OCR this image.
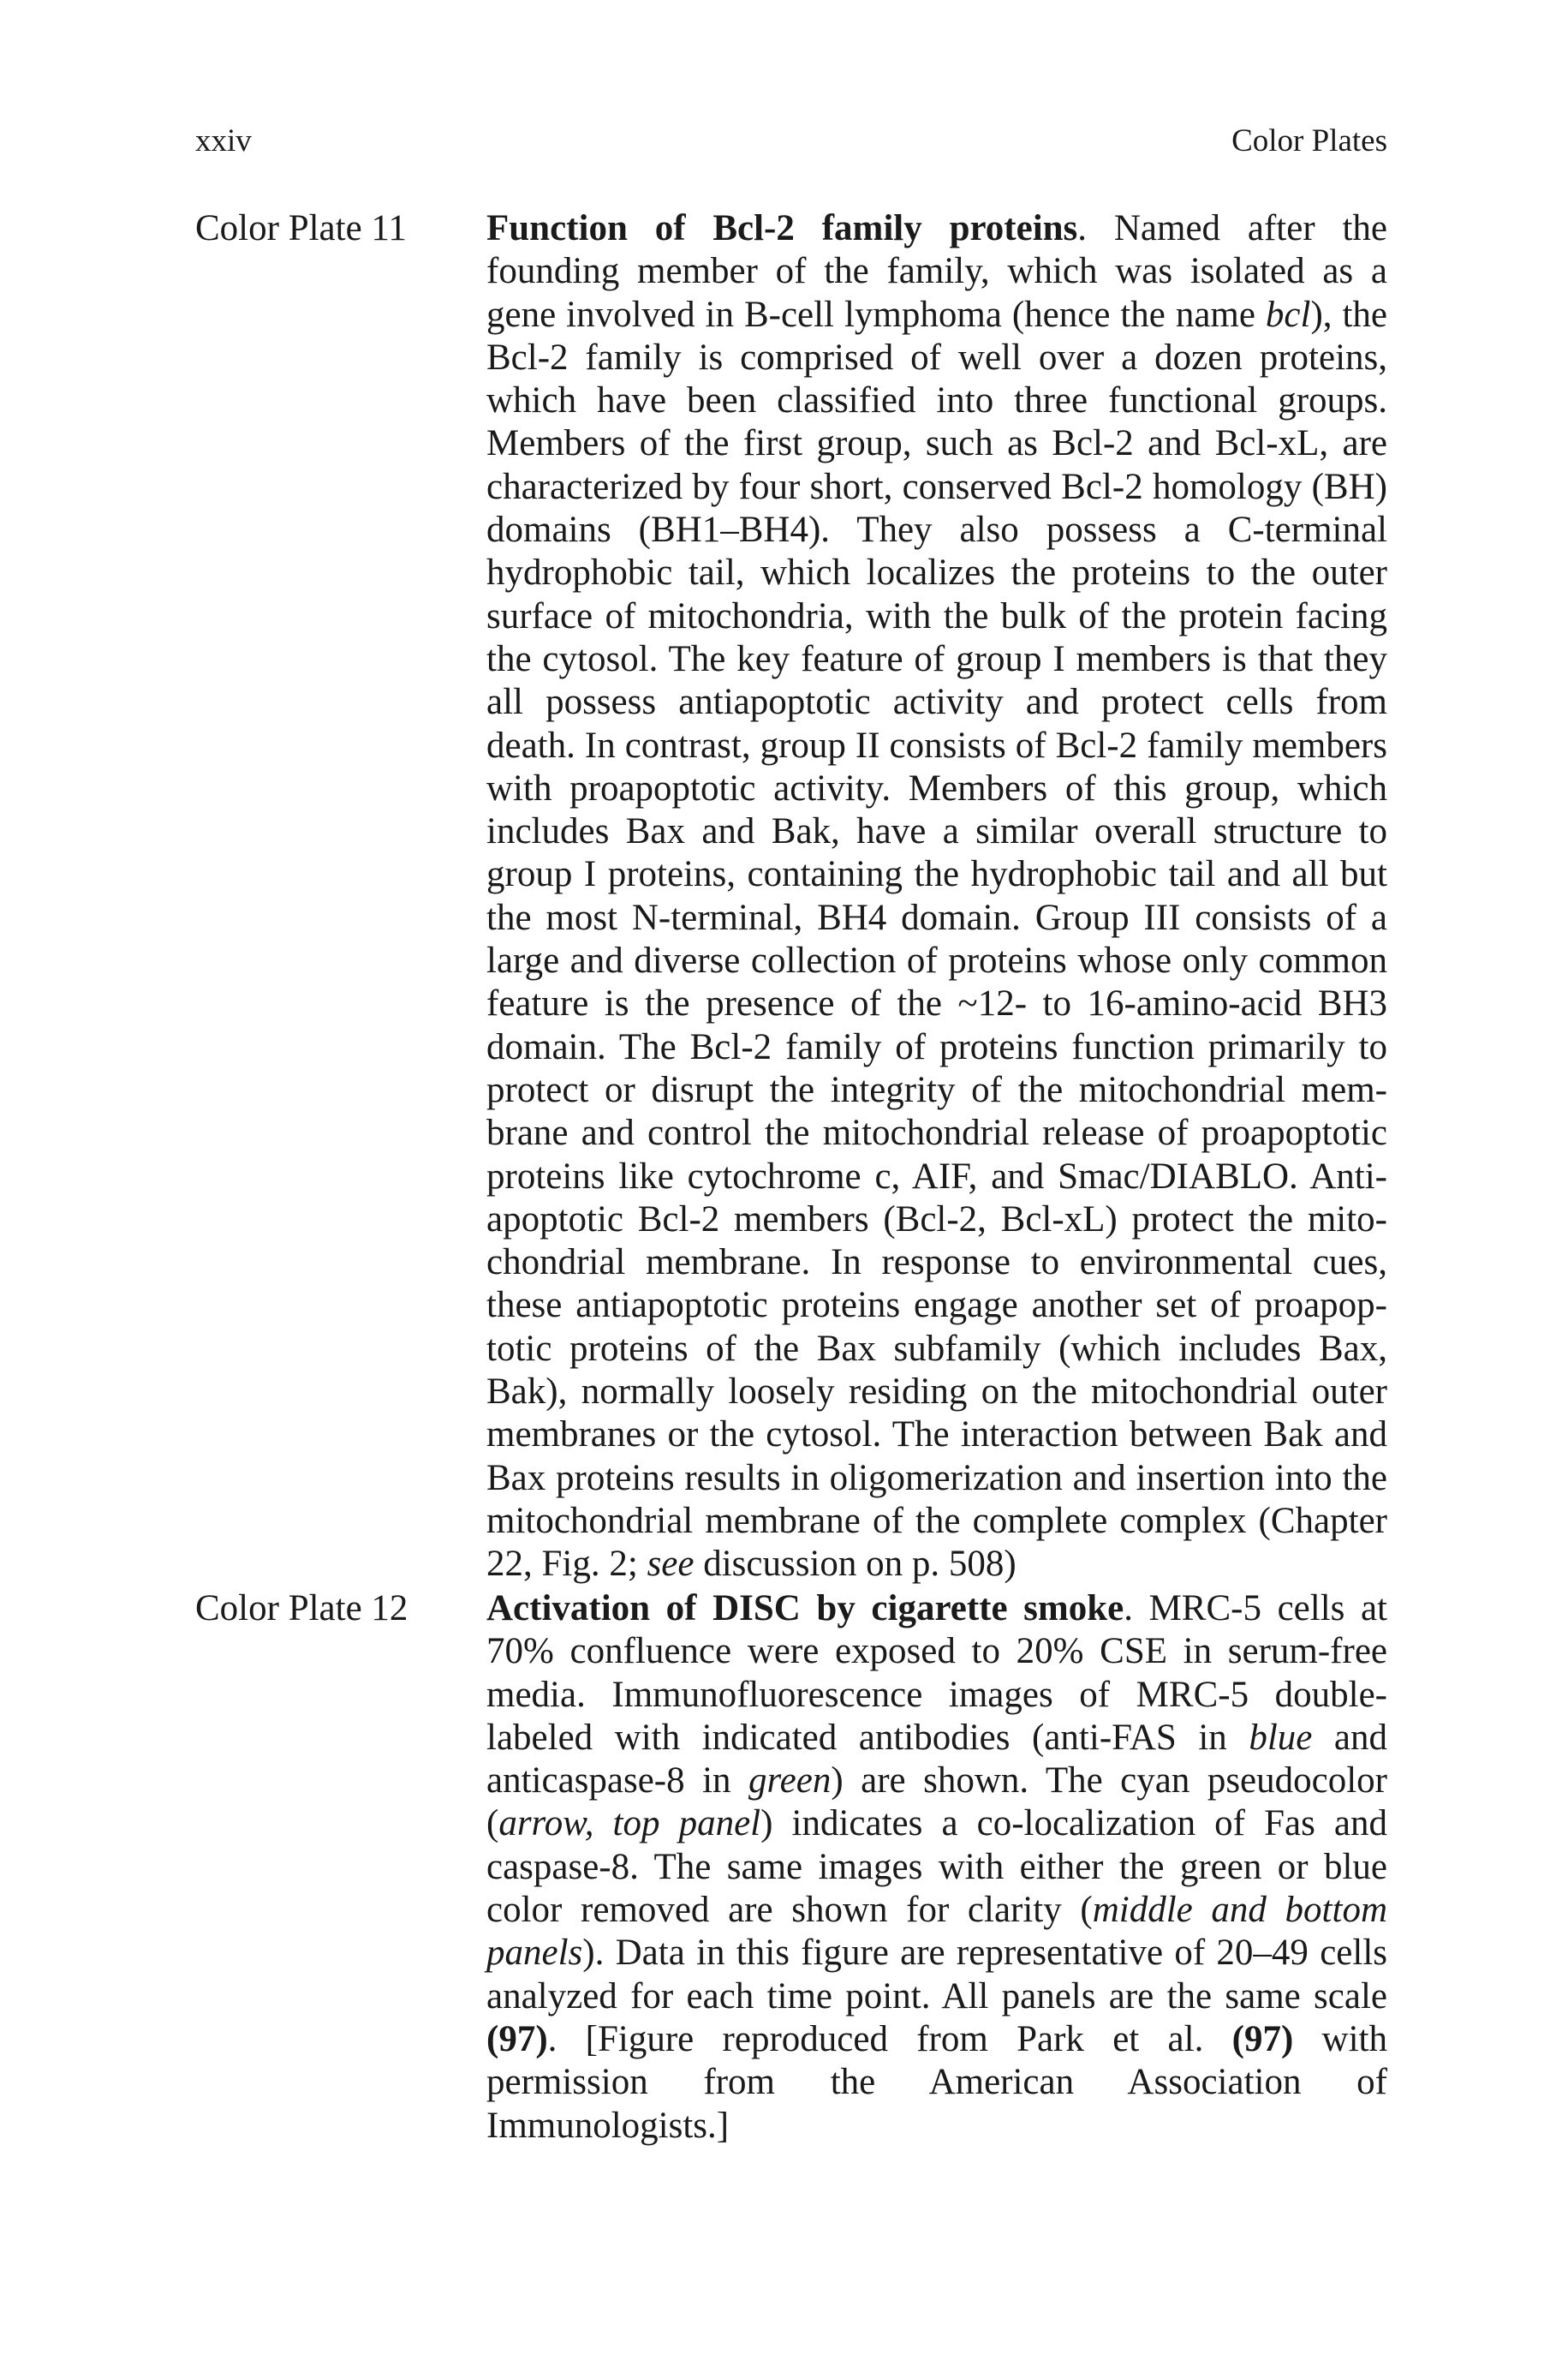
xxiv	Color Plates
Color Plate 11 Function of Bcl-2 family proteins. Named after the founding member of the family, which was isolated as a gene involved in B-cell lymphoma (hence the name bcl), the Bcl-2 family is comprised of well over a dozen proteins, which have been classified into three functional groups. Members of the first group, such as Bcl-2 and Bcl-xL, are characterized by four short, conserved Bcl-2 homology (BH) domains (BH1–BH4). They also possess a C-terminal hydrophobic tail, which localizes the proteins to the outer surface of mitochondria, with the bulk of the protein facing the cytosol. The key feature of group I members is that they all possess antiapoptotic activity and protect cells from death. In contrast, group II consists of Bcl-2 family members with proapoptotic activity. Members of this group, which includes Bax and Bak, have a similar overall structure to group I proteins, containing the hydrophobic tail and all but the most N-terminal, BH4 domain. Group III consists of a large and diverse collection of proteins whose only common feature is the presence of the ~12- to 16-amino-acid BH3 domain. The Bcl-2 family of proteins function primarily to protect or disrupt the integrity of the mitochondrial membrane and control the mitochondrial release of proapoptotic proteins like cytochrome c, AIF, and Smac/DIABLO. Antiapoptotic Bcl-2 members (Bcl-2, Bcl-xL) protect the mitochondrial membrane. In response to environmental cues, these antiapoptotic proteins engage another set of proapoptotic proteins of the Bax subfamily (which includes Bax, Bak), normally loosely residing on the mitochondrial outer membranes or the cytosol. The interaction between Bak and Bax proteins results in oligomerization and insertion into the mitochondrial membrane of the complete complex (Chapter 22, Fig. 2; see discussion on p. 508)
Color Plate 12 Activation of DISC by cigarette smoke. MRC-5 cells at 70% confluence were exposed to 20% CSE in serum-free media. Immunofluorescence images of MRC-5 double-labeled with indicated antibodies (anti-FAS in blue and anticaspase-8 in green) are shown. The cyan pseudocolor (arrow, top panel) indicates a co-localization of Fas and caspase-8. The same images with either the green or blue color removed are shown for clarity (middle and bottom panels). Data in this figure are representative of 20–49 cells analyzed for each time point. All panels are the same scale (97). [Figure reproduced from Park et al. (97) with permission from the American Association of Immunologists.]
